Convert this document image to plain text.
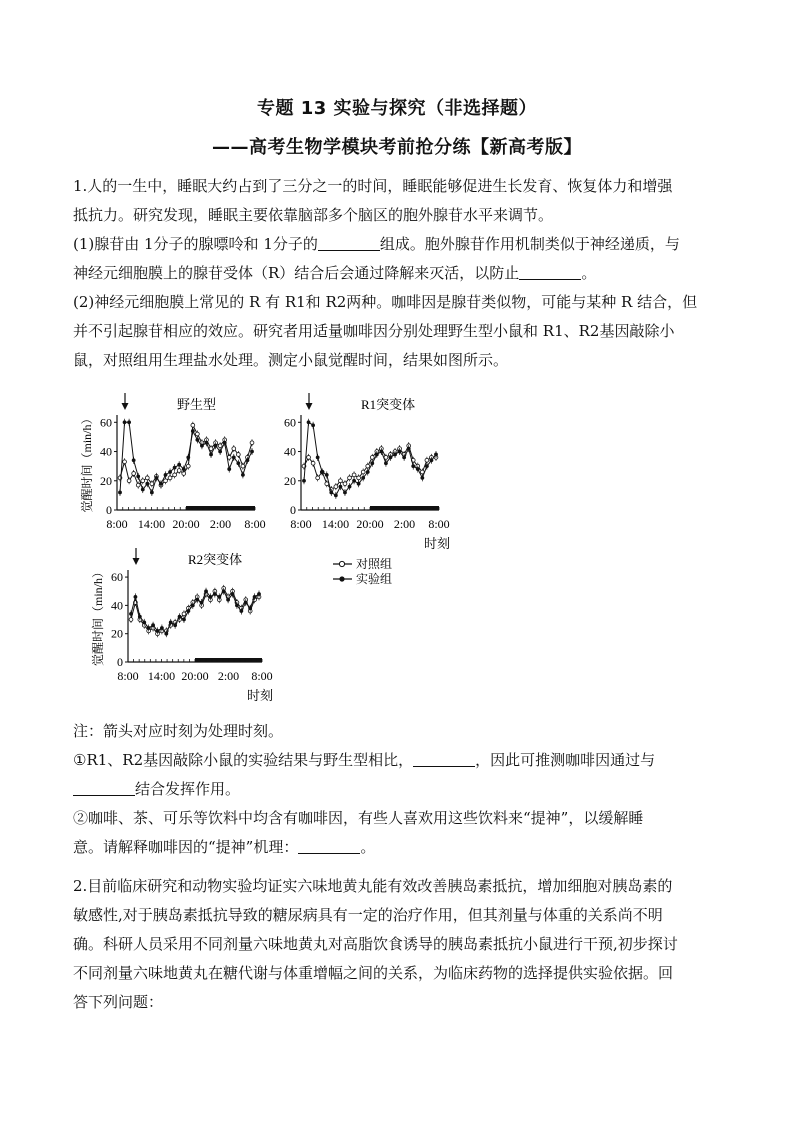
专题 13 实验与探究（非选择题）
——高考生物学模块考前抢分练【新高考版】
1.人的一生中，睡眠大约占到了三分之一的时间，睡眠能够促进生长发育、恢复体力和增强
抵抗力。研究发现，睡眠主要依靠脑部多个脑区的胞外腺苷水平来调节。
(1)腺苷由 1分子的腺嘌呤和 1分子的	组成。胞外腺苷作用机制类似于神经递质，与
神经元细胞膜上的腺苷受体（R）结合后会通过降解来灭活，以防止	。
(2)神经元细胞膜上常见的 R 有 R1和 R2两种。咖啡因是腺苷类似物，可能与某种 R 结合，但
并不引起腺苷相应的效应。研究者用适量咖啡因分别处理野生型小鼠和 R1、R2基因敲除小
鼠，对照组用生理盐水处理。测定小鼠觉醒时间，结果如图所示。
0
20
40
60
8:00 14:00 20:00 2:00 8:00
觉醒时间（min/h）
野生型
0
20
40
60
8:00 14:00 20:00 2:00 8:00
时刻
R1突变体
0
20
40
60
8:00 14:00 20:00 2:00 8:00
时刻
觉醒时间（min/h）
R2突变体	对照组
实验组
注：箭头对应时刻为处理时刻。
①R1、R2基因敲除小鼠的实验结果与野生型相比，	，因此可推测咖啡因通过与
结合发挥作用。
②咖啡、茶、可乐等饮料中均含有咖啡因，有些人喜欢用这些饮料来“提神”，以缓解睡
意。请解释咖啡因的“提神”机理：	。
2.目前临床研究和动物实验均证实六味地黄丸能有效改善胰岛素抵抗，增加细胞对胰岛素的
敏感性,对于胰岛素抵抗导致的糖尿病具有一定的治疗作用，但其剂量与体重的关系尚不明
确。科研人员采用不同剂量六味地黄丸对高脂饮食诱导的胰岛素抵抗小鼠进行干预,初步探讨
不同剂量六味地黄丸在糖代谢与体重增幅之间的关系，为临床药物的选择提供实验依据。回
答下列问题：
